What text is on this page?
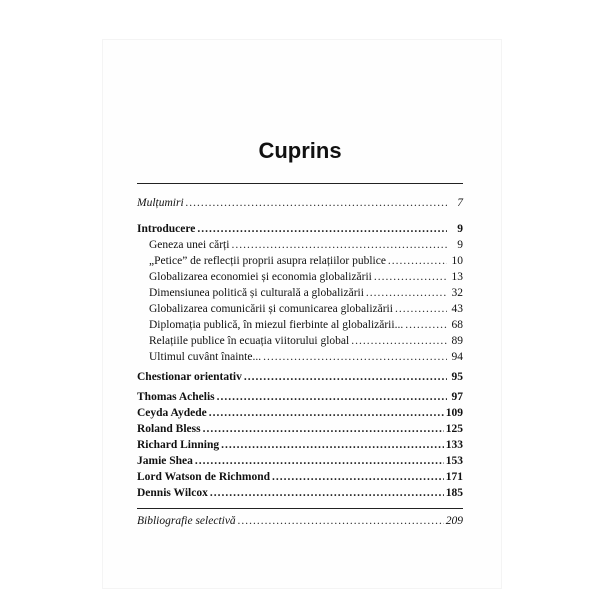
Cuprins
Mulțumiri .....	7
Introducere .....	9
Geneza unei cărți .....	9
„Petice” de reflecții proprii asupra relațiilor publice .....	10
Globalizarea economiei și economia globalizării .....	13
Dimensiunea politică și culturală a globalizării .....	32
Globalizarea comunicării și comunicarea globalizării .....	43
Diplomația publică, în miezul fierbinte al globalizării... .....	68
Relațiile publice în ecuația viitorului global .....	89
Ultimul cuvânt înainte... .....	94
Chestionar orientativ .....	95
Thomas Achelis .....	97
Ceyda Aydede .....	109
Roland Bless .....	125
Richard Linning .....	133
Jamie Shea .....	153
Lord Watson de Richmond .....	171
Dennis Wilcox .....	185
Bibliografie selectivă .....	209
